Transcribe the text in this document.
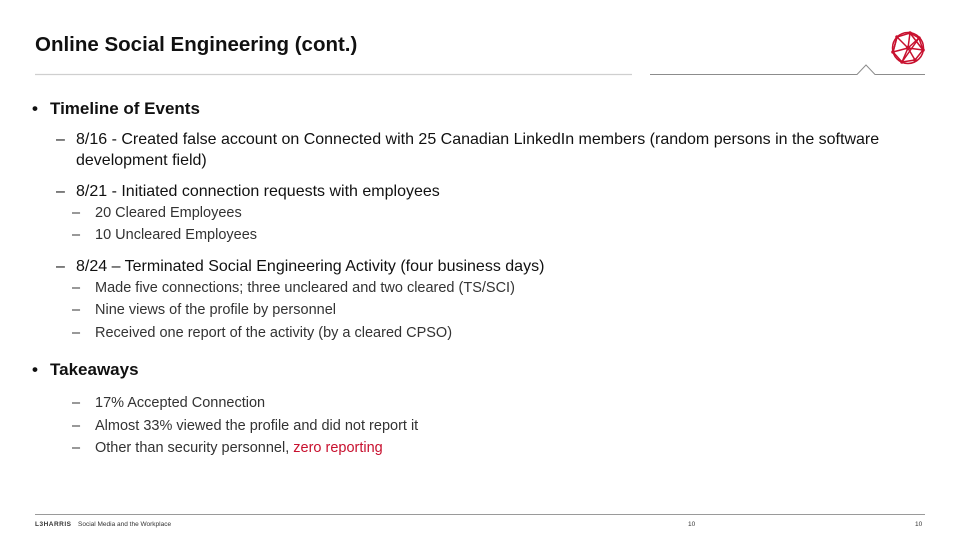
Online Social Engineering (cont.)
• Timeline of Events
– 8/16 - Created false account on Connected with 25 Canadian LinkedIn members (random persons in the software development field)
– 8/21 - Initiated connection requests with employees
– 20 Cleared Employees
– 10 Uncleared Employees
– 8/24 – Terminated Social Engineering Activity (four business days)
– Made five connections; three uncleared and two cleared (TS/SCI)
– Nine views of the profile by personnel
– Received one report of the activity (by a cleared CPSO)
• Takeaways
– 17% Accepted Connection
– Almost 33% viewed the profile and did not report it
– Other than security personnel, zero reporting
L3HARRIS Social Media and the Workplace	10	10
